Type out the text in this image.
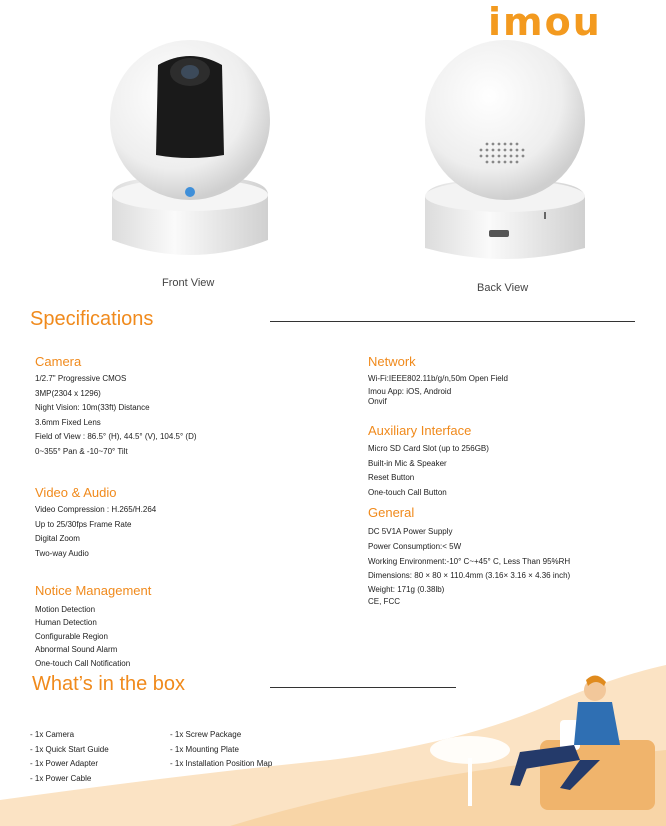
imou
Front View	Back View
Specifications
Camera
1/2.7" Progressive CMOS
3MP(2304 x 1296)
Night Vision: 10m(33ft) Distance
3.6mm Fixed Lens
Field of View : 86.5° (H), 44.5° (V), 104.5° (D)
0~355° Pan & -10~70° Tilt
Video & Audio
Video Compression : H.265/H.264
Up to 25/30fps Frame Rate
Digital Zoom
Two-way Audio
Notice Management
Motion Detection
Human Detection
Configurable Region
Abnormal Sound Alarm
One-touch Call Notification
Network
Wi-Fi:IEEE802.11b/g/n,50m Open Field
Imou App: iOS, Android
Onvif
Auxiliary Interface
Micro SD Card Slot (up to 256GB)
Built-in Mic & Speaker
Reset Button
One-touch Call Button
General
DC 5V1A Power Supply
Power Consumption:< 5W
Working Environment:-10° C~+45° C, Less Than 95%RH
Dimensions: 80 × 80 × 110.4mm (3.16× 3.16 × 4.36 inch)
Weight: 171g (0.38lb)
CE, FCC
What’s in the box
- 1x Camera
- 1x Quick Start Guide
- 1x Power Adapter
- 1x Power Cable
- 1x Screw Package
- 1x Mounting Plate
- 1x Installation Position Map
